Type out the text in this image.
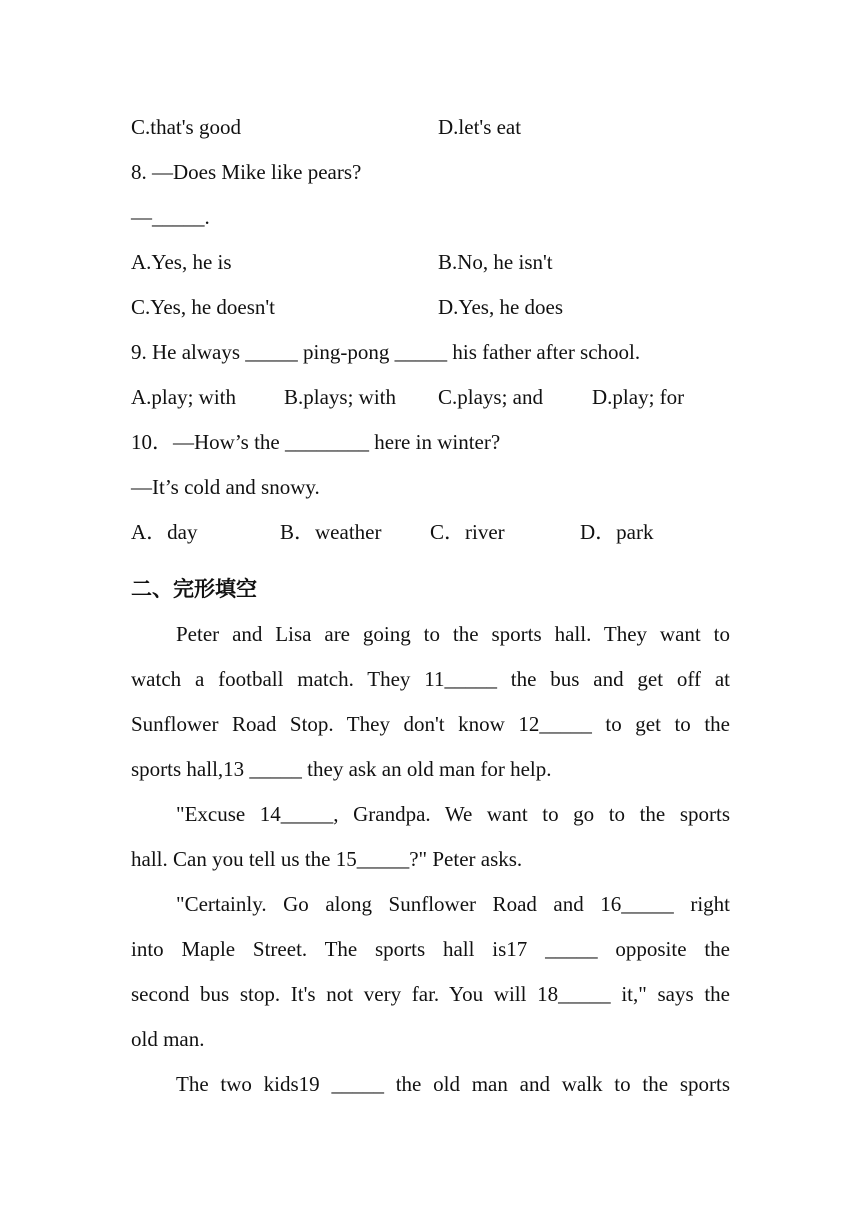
C.that's good	D.let's eat
8. —Does Mike like pears?
—_____.
A.Yes, he is	B.No, he isn't
C.Yes, he doesn't	D.Yes, he does
9. He always _____ ping-pong _____ his father after school.
A.play; with B.plays; with C.plays; and D.play; for
10．—How’s the ________ here in winter?
—It’s cold and snowy.
A．day	B．weather C．river	D．park
二、完形填空
Peter and Lisa are going to the sports hall. They want to
watch a football match. They 11_____ the bus and get off at
Sunflower Road Stop. They don't know 12_____ to get to the
sports hall,13 _____ they ask an old man for help.
"Excuse 14_____, Grandpa. We want to go to the sports
hall. Can you tell us the 15_____?" Peter asks.
"Certainly. Go along Sunflower Road and 16_____ right
into Maple Street. The sports hall is17 _____ opposite the
second bus stop. It's not very far. You will 18_____ it," says the
old man.
The two kids19 _____ the old man and walk to the sports
